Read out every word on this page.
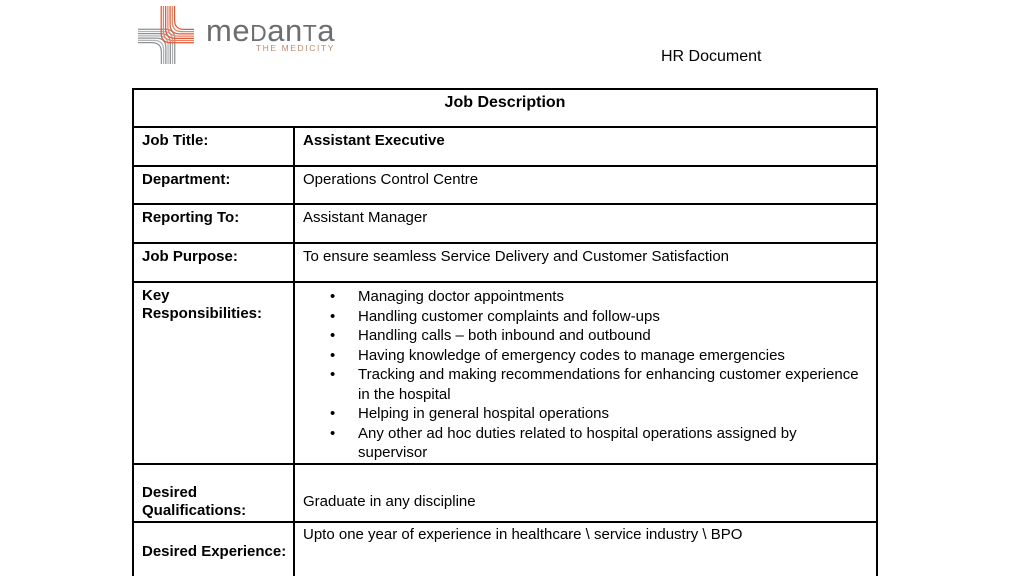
meDanTa
THE MEDICITY	HR Document
Job Description	
Job Title:	Assistant Executive
Department:	Operations Control Centre
Reporting To:	Assistant Manager
Job Purpose:	To ensure seamless Service Delivery and Customer Satisfaction
Key Responsibilities:	
• Managing doctor appointments
• Handling customer complaints and follow-ups
• Handling calls – both inbound and outbound
• Having knowledge of emergency codes to manage emergencies
• Tracking and making recommendations for enhancing customer experience in the hospital
• Helping in general hospital operations
• Any other ad hoc duties related to hospital operations assigned by supervisor

Desired Qualifications:	Graduate in any discipline
Desired Experience:	Upto one year of experience in healthcare \ service industry \ BPO
